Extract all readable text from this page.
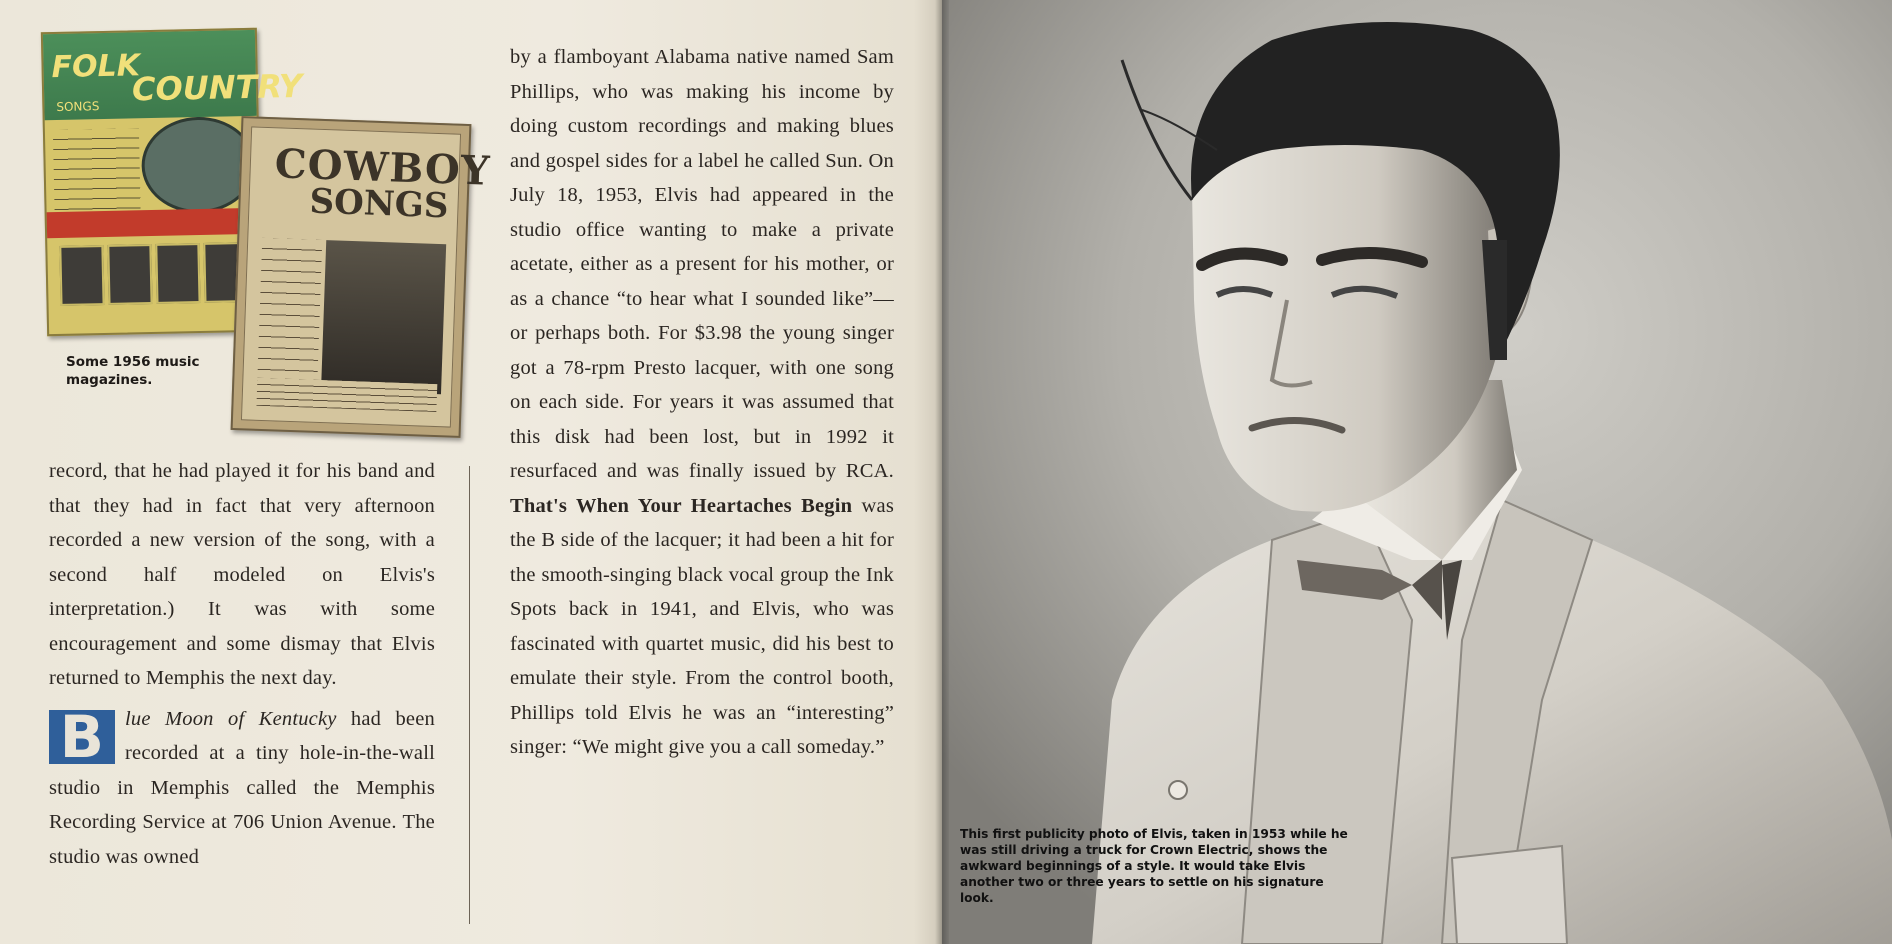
FOLK
COUNTRY
SONGS
COWBOY
SONGS
Some 1956 music magazines.

record, that he had played it for his band and that they had in fact that very afternoon recorded a new version of the song, with a second half modeled on Elvis's interpretation.) It was with some encouragement and some dismay that Elvis returned to Memphis the next day.

B	lue Moon of Kentucky had been recorded at a tiny hole-in-the-wall studio in Memphis called the Memphis Recording Service at 706 Union Avenue. The studio was owned

by a flamboyant Alabama native named Sam Phillips, who was making his income by doing custom recordings and making blues and gospel sides for a label he called Sun. On July 18, 1953, Elvis had appeared in the studio office wanting to make a private acetate, either as a present for his mother, or as a chance “to hear what I sounded like”—or perhaps both. For $3.98 the young singer got a 78-rpm Presto lacquer, with one song on each side. For years it was assumed that this disk had been lost, but in 1992 it resurfaced and was finally issued by RCA. That's When Your Heartaches Begin was the B side of the lacquer; it had been a hit for the smooth-singing black vocal group the Ink Spots back in 1941, and Elvis, who was fascinated with quartet music, did his best to emulate their style. From the control booth, Phillips told Elvis he was an “interesting” singer: “We might give you a call someday.”

This first publicity photo of Elvis, taken in 1953 while he was still driving a truck for Crown Electric, shows the awkward beginnings of a style. It would take Elvis another two or three years to settle on his signature look.
